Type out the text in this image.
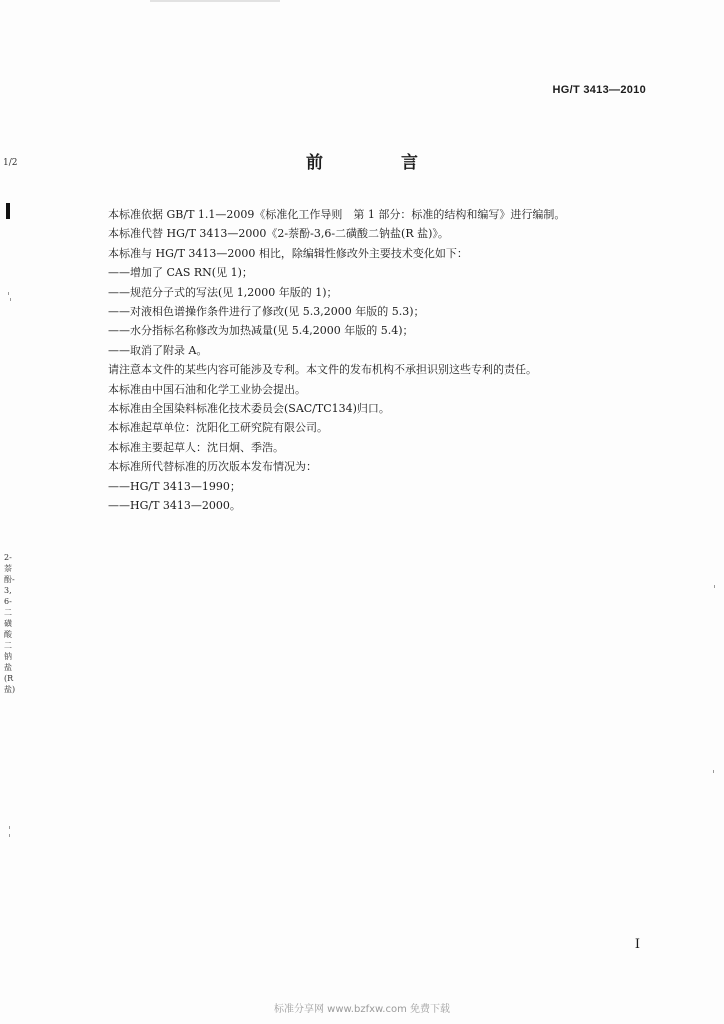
HG/T 3413—2010
前 言
本标准依据 GB/T 1.1—2009《标准化工作导则　第 1 部分：标准的结构和编写》进行编制。
本标准代替 HG/T 3413—2000《2-萘酚-3,6-二磺酸二钠盐(R 盐)》。
本标准与 HG/T 3413—2000 相比，除编辑性修改外主要技术变化如下：
——增加了 CAS RN(见 1)；
——规范分子式的写法(见 1,2000 年版的 1)；
——对液相色谱操作条件进行了修改(见 5.3,2000 年版的 5.3)；
——水分指标名称修改为加热减量(见 5.4,2000 年版的 5.4)；
——取消了附录 A。
请注意本文件的某些内容可能涉及专利。本文件的发布机构不承担识别这些专利的责任。
本标准由中国石油和化学工业协会提出。
本标准由全国染料标准化技术委员会(SAC/TC134)归口。
本标准起草单位：沈阳化工研究院有限公司。
本标准主要起草人：沈日炯、季浩。
本标准所代替标准的历次版本发布情况为：
——HG/T 3413—1990；
——HG/T 3413—2000。
I
标准分享网 www.bzfxw.com 免费下载
1/2
2-萘酚-3,6-二磺酸二钠盐(R盐)
